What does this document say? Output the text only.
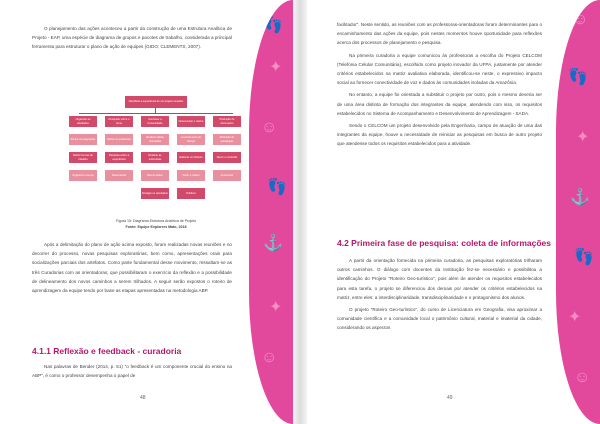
👣
✦
☺
👣
⚓
✦
☺

O planejamento das ações aconteceu a partir da construção de uma Estrutura Analítica de Projeto - EAP, uma espécie de diagrama de grupos e pacotes de trabalho, considerada a principal ferramenta para estruturar o plano de ação de equipes (GIDO; CLEMENTS, 2007).

Identificar a experiência de um projeto inovador
Organizar as atividades
Pesquisar sobre o tema
Conhecer a Universidade
Desenvolver o roteiro
Produção do documento
Reunir os integrantes	Definir os problemas
Realizar visitas orientadas
Levantamento do Campo
Definição de estratégias
Definir formas de trabalho
Pesquisa sobre a experiência
Realizar as entrevistas
Elaborar um Roteiro	Rever o conteúdo
Organizar o tempo	Sistematizar	Reunir dados	Fazer o roteiro	Apresentar
Divulgar os resultados	Publicar
Figura 15: Diagrama Estrutura Analítica de Projeto
Fonte: Equipe Explorers Mato, 2018

Após a delimitação do plano de ação acima exposto, foram realizadas novas reuniões e no decorrer do processo, novas pesquisas exploratórias, bem como, apresentações orais para socializações parciais dos artefatos. Como parte fundamental desse movimento, ressaltam-se as três Curadorias com as orientadoras, que possibilitaram o exercício da reflexão e a possibilidade de delineamento dos novos caminhos a serem trilhados. A seguir serão expostos o roteiro de aprendizagem da equipe tendo por base as etapas apresentadas na metodologia ABP.

4.1.1 Reflexão e feedback - curadoria

Nas palavras de Bender (2014, p. 51) "o feedback é um componente crucial do ensino na ABP", é como o professor desempenha o papel de

48
☺
👣
✦
⚓
👣
✦
☺

facilitador". Neste sentido, as reuniões com as professoras-orientadoras foram determinantes para o encaminhamento das ações da equipe, pois nestes momentos houve oportunidade para reflexões acerca dos processos de planejamento e pesquisa.

Na primeira curadoria a equipe comunicou às professoras a escolha do Projeto CELCOM (Telefonia Celular Comunitária), escolhido como projeto inovador da UFPA, justamente por atender critérios estabelecidos na matriz avaliativa elaborada, identificou-se neste, o expressivo impacto social ao fornecer conectividade de voz e dados às comunidades isoladas da Amazônia.

No entanto, a equipe foi orientada a substituir o projeto por outro, pois o mesmo deveria ser de uma área distinta de formação dos integrantes da equipe, atendendo com isso, os requisitos estabelecidos no Sistema de Acompanhamento e Desenvolvimento de Aprendizagem - SADA.

Sendo o CELCOM um projeto desenvolvido pela Engenharia, campo de atuação de uma das integrantes da equipe, houve a necessidade de reiniciar as pesquisas em busca de outro projeto que atendesse todos os requisitos estabelecidos para a atividade.

4.2 Primeira fase de pesquisa: coleta de informações

A partir da orientação fornecida na primeira curadoria, as pesquisas exploratórias trilharam outros caminhos. O diálogo com docentes da Instituição fez-se necessário e possibilitou a identificação do Projeto "Roteiro Geo-turístico", pois além de atender os requisitos estabelecidos para esta tarefa, o projeto se diferenciou dos demais por atender os critérios estabelecidos na matriz, entre eles: a interdisciplinaridade, transdisciplinaridade e o protagonismo dos alunos.

O projeto "Roteiro Geo-turístico", do curso de Licenciatura em Geografia, visa aproximar a comunidade científica e a comunidade local o patrimônio cultural, material e imaterial da cidade, considerando os aspectos

49
